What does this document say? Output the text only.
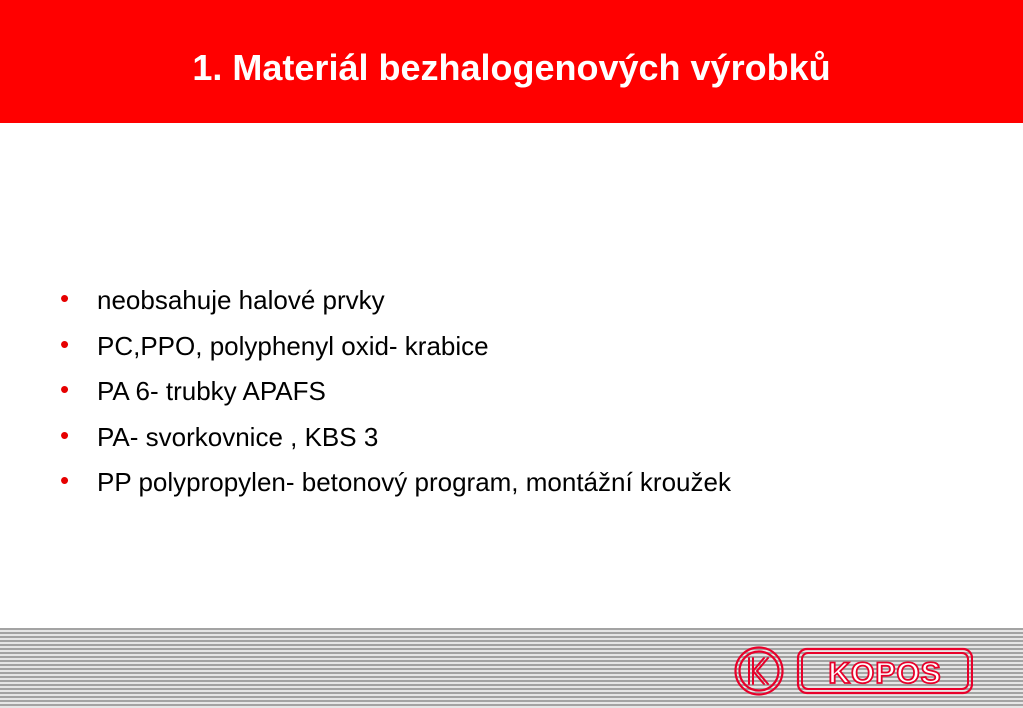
1. Materiál bezhalogenových výrobků
• neobsahuje halové prvky
• PC,PPO, polyphenyl oxid- krabice
• PA 6- trubky APAFS
• PA- svorkovnice , KBS 3
• PP polypropylen- betonový program, montážní kroužek
KOPOS
